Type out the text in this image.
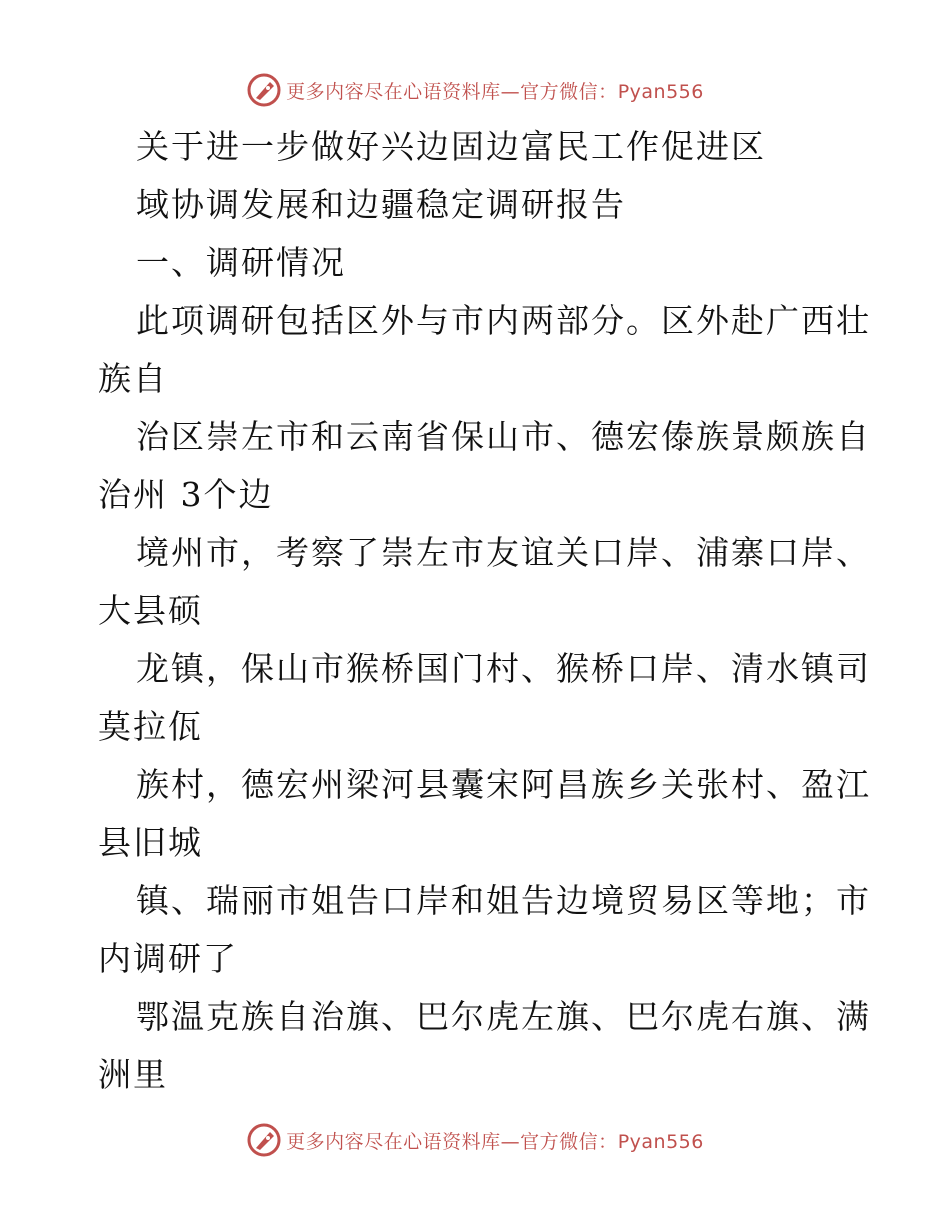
更多内容尽在心语资料库—官方微信：Pyan556
关于进一步做好兴边固边富民工作促进区
域协调发展和边疆稳定调研报告
一、调研情况
此项调研包括区外与市内两部分。区外赴广西壮
族自
治区崇左市和云南省保山市、德宏傣族景颇族自
治州 3个边
境州市，考察了崇左市友谊关口岸、浦寨口岸、
大县硕
龙镇，保山市猴桥国门村、猴桥口岸、清水镇司
莫拉佤
族村，德宏州梁河县囊宋阿昌族乡关张村、盈江
县旧城
镇、瑞丽市姐告口岸和姐告边境贸易区等地；市
内调研了
鄂温克族自治旗、巴尔虎左旗、巴尔虎右旗、满
洲里
更多内容尽在心语资料库—官方微信：Pyan556
